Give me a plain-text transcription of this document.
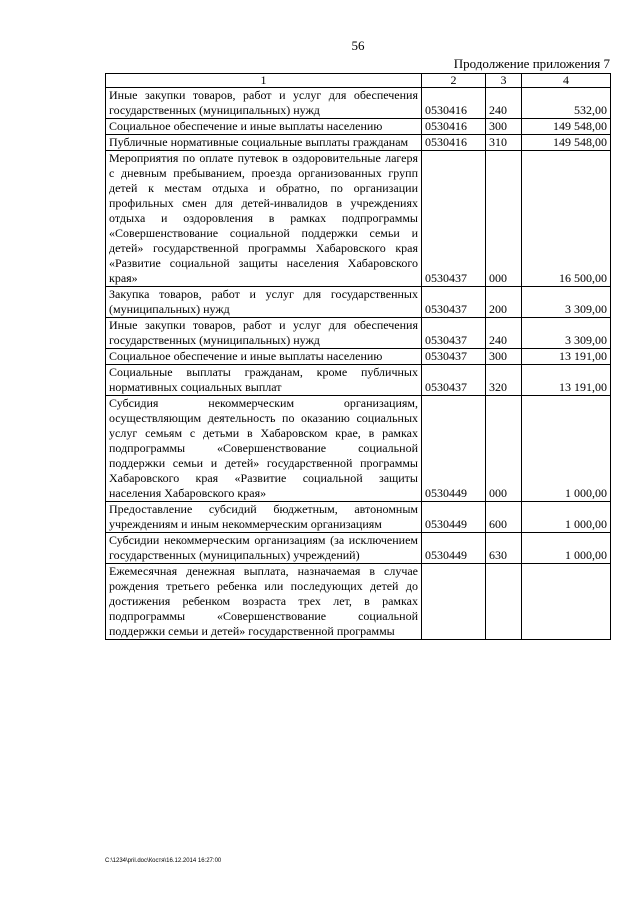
56
Продолжение приложения 7
1	2	3	4
Иные закупки товаров, работ и услуг для обеспечения государственных (муниципальных) нужд	0530416	240	532,00
Социальное обеспечение и иные выплаты населению	0530416	300	149 548,00
Публичные нормативные социальные выплаты гражданам	0530416	310	149 548,00
Мероприятия по оплате путевок в оздоровительные лагеря с дневным пребыванием, проезда организованных групп детей к местам отдыха и обратно, по организации профильных смен для детей-инвалидов в учреждениях отдыха и оздоровления в рамках подпрограммы «Совершенствование социальной поддержки семьи и детей» государственной программы Хабаровского края «Развитие социальной защиты населения Хабаровского края»	0530437	000	16 500,00
Закупка товаров, работ и услуг для государственных (муниципальных) нужд	0530437	200	3 309,00
Иные закупки товаров, работ и услуг для обеспечения государственных (муниципальных) нужд	0530437	240	3 309,00
Социальное обеспечение и иные выплаты населению	0530437	300	13 191,00
Социальные выплаты гражданам, кроме публичных нормативных социальных выплат	0530437	320	13 191,00
Субсидия некоммерческим организациям, осуществляющим деятельность по оказанию социальных услуг семьям с детьми в Хабаровском крае, в рамках подпрограммы «Совершенствование социальной поддержки семьи и детей» государственной программы Хабаровского края «Развитие социальной защиты населения Хабаровского края»	0530449	000	1 000,00
Предоставление субсидий бюджетным, автономным учреждениям и иным некоммерческим организациям	0530449	600	1 000,00
Субсидии некоммерческим организациям (за исключением государственных (муниципальных) учреждений)	0530449	630	1 000,00
Ежемесячная денежная выплата, назначаемая в случае рождения третьего ребенка или последующих детей до достижения ребенком возраста трех лет, в рамках подпрограммы «Совершенствование социальной поддержки семьи и детей» государственной программы			
C:\1234\pril.doc\Костя\16.12.2014 16:27:00
